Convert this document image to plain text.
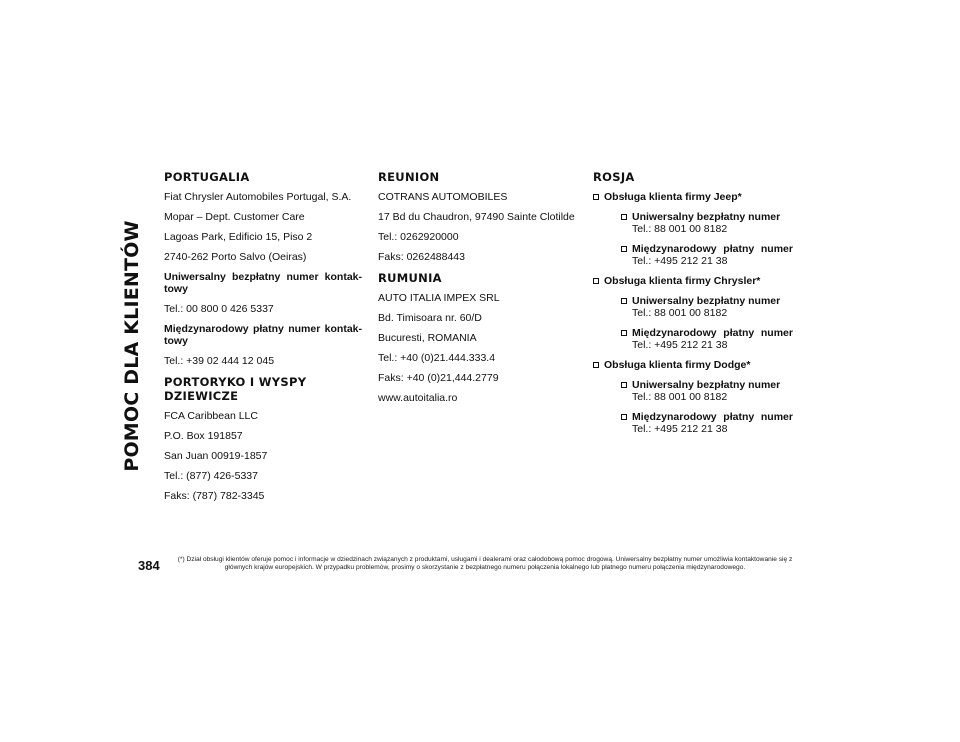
POMOC DLA KLIENTÓW
PORTUGALIA

Fiat Chrysler Automobiles Portugal, S.A.

Mopar – Dept. Customer Care

Lagoas Park, Edificio 15, Piso 2

2740-262 Porto Salvo (Oeiras)

Uniwersalny bezpłatny numer kontak-towy

Tel.: 00 800 0 426 5337

Międzynarodowy płatny numer kontak-towy

Tel.: +39 02 444 12 045

PORTORYKO I WYSPY DZIEWICZE

FCA Caribbean LLC

P.O. Box 191857

San Juan 00919-1857

Tel.: (877) 426-5337

Faks: (787) 782-3345

REUNION

COTRANS AUTOMOBILES

17 Bd du Chaudron, 97490 Sainte Clotilde

Tel.: 0262920000

Faks: 0262488443

RUMUNIA

AUTO ITALIA IMPEX SRL

Bd. Timisoara nr. 60/D

Bucuresti, ROMANIA

Tel.: +40 (0)21.444.333.4

Faks: +40 (0)21,444.2779

www.autoitalia.ro

ROSJA
Obsługa klienta firmy Jeep*
Uniwersalny bezpłatny numer
Tel.: 88 001 00 8182
Międzynarodowy płatny numer
Tel.: +495 212 21 38
Obsługa klienta firmy Chrysler*
Uniwersalny bezpłatny numer
Tel.: 88 001 00 8182
Międzynarodowy płatny numer
Tel.: +495 212 21 38
Obsługa klienta firmy Dodge*
Uniwersalny bezpłatny numer
Tel.: 88 001 00 8182
Międzynarodowy płatny numer
Tel.: +495 212 21 38
384	(*) Dział obsługi klientów oferuje pomoc i informacje w dziedzinach związanych z produktami, usługami i dealerami oraz całodobową pomoc drogową. Uniwersalny bezpłatny numer umożliwia kontaktowanie się z głównych krajów europejskich. W przypadku problemów, prosimy o skorzystanie z bezpłatnego numeru połączenia lokalnego lub płatnego numeru połączenia międzynarodowego.
